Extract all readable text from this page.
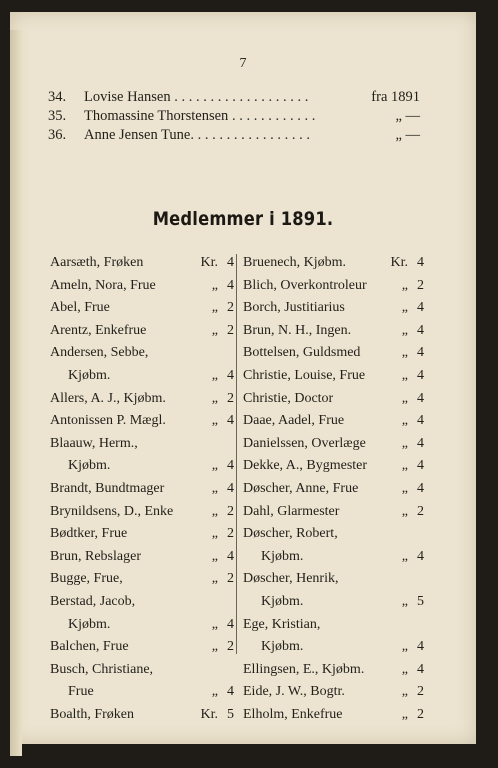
7
34. Lovise Hansen . . . . . . . . . . . . . . . . . . .	fra 1891
35. Thomassine Thorstensen . . . . . . . . . . . .	„ —
36. Anne Jensen Tune. . . . . . . . . . . . . . . . .	„ —
Medlemmer i 1891.
Aarsæth, Frøken	Kr. 4
Ameln, Nora, Frue	„ 4
Abel, Frue	„ 2
Arentz, Enkefrue	„ 2
Andersen, Sebbe,
Kjøbm.	„ 4
Allers, A. J., Kjøbm.	„ 2
Antonissen P. Mægl.	„ 4
Blaauw, Herm.,
Kjøbm.	„ 4
Brandt, Bundtmager	„ 4
Brynildsens, D., Enke	„ 2
Bødtker, Frue	„ 2
Brun, Rebslager	„ 4
Bugge, Frue,	„ 2
Berstad, Jacob,
Kjøbm.	„ 4
Balchen, Frue	„ 2
Busch, Christiane,
Frue	„ 4
Boalth, Frøken	Kr. 5
Bruenech, Kjøbm.	Kr. 4
Blich, Overkontroleur	„ 2
Borch, Justitiarius	„ 4
Brun, N. H., Ingen.	„ 4
Bottelsen, Guldsmed	„ 4
Christie, Louise, Frue	„ 4
Christie, Doctor	„ 4
Daae, Aadel, Frue	„ 4
Danielssen, Overlæge	„ 4
Dekke, A., Bygmester „ 4
Døscher, Anne, Frue	„ 4
Dahl, Glarmester	„ 2
Døscher, Robert,
Kjøbm.	„ 4
Døscher, Henrik,
Kjøbm.	„ 5
Ege, Kristian,
Kjøbm.	„ 4
Ellingsen, E., Kjøbm.	„ 4
Eide, J. W., Bogtr.	„ 2
Elholm, Enkefrue	„ 2
